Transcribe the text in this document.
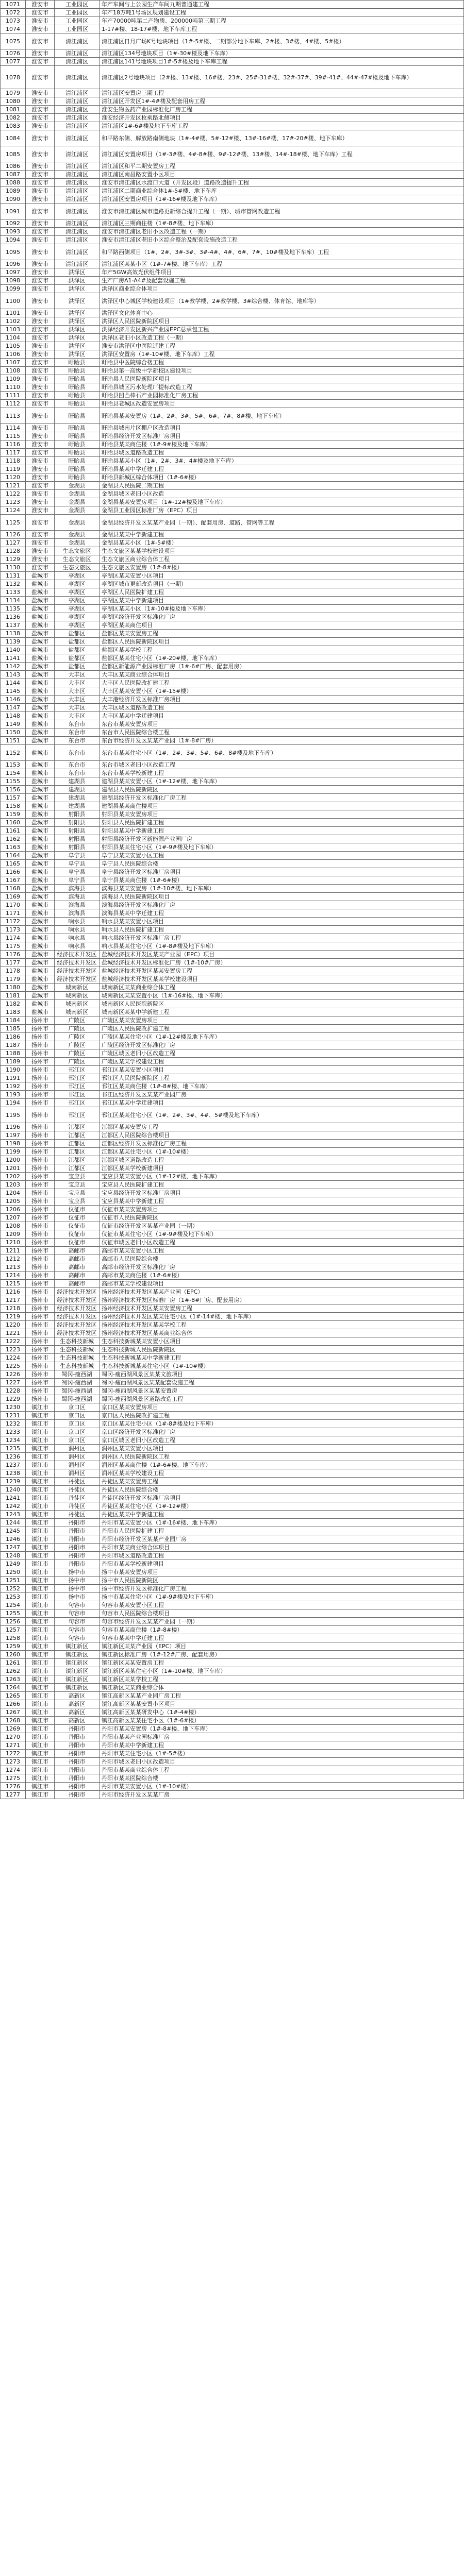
1071	淮安市	工业园区	年产车间与上公园生产车间九期普通建工程
1072	淮安市	工业园区	年产18万吨1号场区规划建设工程
1073	淮安市	工业园区	年产70000吨第二产物质、200000吨第三期工程
1074	淮安市	工业园区	1-17#楼、18-17#楼、地下车库工程
1075	淮安市	清江浦区	清江浦区日月广场K号地块项目（1#-5#楼、二期部分地下车库、2#楼、3#楼、4#楼、5#楼）
1076	淮安市	清江浦区	清江浦区134号地块项目（1#-30#楼及地下车库）
1077	淮安市	清江浦区	清江浦区141号地块项目1#-5#楼及地下车库工程
1078	淮安市	清江浦区	清江浦区2号地块项目（2#楼、13#楼、16#楼、23#、25#-31#楼、32#-37#、39#-41#、44#-47#楼及地下车库）
1079	淮安市	清江浦区	清江浦区安置房三期工程
1080	淮安市	清江浦区	清江浦区开发区1#-4#楼及配套用房工程
1081	淮安市	清江浦区	淮安生物医药产业园标准化厂房工程
1082	淮安市	清江浦区	淮安经济开发区枚乘路北侧项目
1083	淮安市	清江浦区	清江浦区1#-6#楼及地下车库工程
1084	淮安市	清江浦区	和平路东侧、解放路南侧地块（1#-4#楼、5#-12#楼、13#-16#楼、17#-20#楼、地下车库）
1085	淮安市	清江浦区	清江浦区安置房项目（1#-3#楼、4#-8#楼、9#-12#楼、13#楼、14#-18#楼、地下车库）工程
1086	淮安市	清江浦区	清江浦区和平二期安置房工程
1087	淮安市	清江浦区	清江浦区南昌路安置小区项目
1088	淮安市	清江浦区	淮安市清江浦区水渡口大道（开发区段）道路改造提升工程
1089	淮安市	清江浦区	清江浦区二期商业综合体1#-5#楼、地下车库
1090	淮安市	清江浦区	清江浦区安置房项目（1#-16#楼及地下车库）
1091	淮安市	清江浦区	淮安市清江浦区城市道路更新综合提升工程（一期）、城市管网改造工程
1092	淮安市	清江浦区	清江浦区三期商住楼（1#-8#楼、地下车库）
1093	淮安市	清江浦区	淮安市清江浦区老旧小区改造工程（一期）
1094	淮安市	清江浦区	淮安市清江浦区老旧小区综合整治及配套设施改造工程
1095	淮安市	清江浦区	和平路西侧项目（1#、2#、3#-3#、3#-4#、4#、6#、7#、10#楼及地下车库）工程
1096	淮安市	清江浦区	清江浦区某某小区（1#-7#楼、地下车库）工程
1097	淮安市	洪泽区	年产5GW高效光伏组件项目
1098	淮安市	洪泽区	生产厂房A1-A4#及配套设施工程
1099	淮安市	洪泽区	洪泽区商业综合体项目
1100	淮安市	洪泽区	洪泽区中心城区学校建设项目（1#教学楼、2#教学楼、3#综合楼、体育馆、地库等）
1101	淮安市	洪泽区	洪泽区文化体育中心
1102	淮安市	洪泽区	洪泽区人民医院新院区项目
1103	淮安市	洪泽区	洪泽经济开发区新兴产业园EPC总承包工程
1104	淮安市	洪泽区	洪泽区老旧小区改造工程（一期）
1105	淮安市	洪泽区	淮安市洪泽区中医院迁建工程
1106	淮安市	洪泽区	洪泽区安置房（1#-10#楼、地下车库）工程
1107	淮安市	盱眙县	盱眙县中医院综合楼工程
1108	淮安市	盱眙县	盱眙县第一高级中学新校区建设项目
1109	淮安市	盱眙县	盱眙县人民医院新院区项目
1110	淮安市	盱眙县	盱眙县城区污水处理厂提标改造工程
1111	淮安市	盱眙县	盱眙县凹凸棒石产业园标准化厂房工程
1112	淮安市	盱眙县	盱眙县老城区改造安置房项目
1113	淮安市	盱眙县	盱眙县某某安置房（1#、2#、3#、5#、6#、7#、8#楼、地下车库）
1114	淮安市	盱眙县	盱眙县城南片区棚户区改造项目
1115	淮安市	盱眙县	盱眙县经济开发区标准厂房项目
1116	淮安市	盱眙县	盱眙县某某商住楼（1#-9#楼及地下车库）
1117	淮安市	盱眙县	盱眙县城区道路改造工程
1118	淮安市	盱眙县	盱眙县某某小区（1#、2#、3#、4#楼及地下车库）
1119	淮安市	盱眙县	盱眙县某某中学迁建工程
1120	淮安市	盱眙县	盱眙县新城区综合体项目（1#-6#楼）
1121	淮安市	金湖县	金湖县人民医院二期工程
1122	淮安市	金湖县	金湖县城区老旧小区改造
1123	淮安市	金湖县	金湖县某某安置房项目（1#-12#楼及地下车库）
1124	淮安市	金湖县	金湖县工业园区标准厂房（EPC）项目
1125	淮安市	金湖县	金湖县经济开发区某某产业园（一期）、配套用房、道路、管网等工程
1126	淮安市	金湖县	金湖县某某中学新建工程
1127	淮安市	金湖县	金湖县某某小区（1#-5#楼）
1128	淮安市	生态文旅区	生态文旅区某某学校建设项目
1129	淮安市	生态文旅区	生态文旅区商业综合体工程
1130	淮安市	生态文旅区	生态文旅区安置房（1#-8#楼）
1131	盐城市	亭湖区	亭湖区某某安置小区项目
1132	盐城市	亭湖区	亭湖区城市更新改造项目（一期）
1133	盐城市	亭湖区	亭湖区人民医院扩建工程
1134	盐城市	亭湖区	亭湖区某某中学新建项目
1135	盐城市	亭湖区	亭湖区某某小区（1#-10#楼及地下车库）
1136	盐城市	亭湖区	亭湖区经济开发区标准化厂房
1137	盐城市	亭湖区	亭湖区某某商住项目
1138	盐城市	盐都区	盐都区某某安置房工程
1139	盐城市	盐都区	盐都区人民医院新院区项目
1140	盐城市	盐都区	盐都区某某学校工程
1141	盐城市	盐都区	盐都区某某住宅小区（1#-20#楼、地下车库）
1142	盐城市	盐都区	盐都区新能源产业园标准厂房（1#-6#厂房、配套用房）
1143	盐城市	大丰区	大丰区某某商业综合体项目
1144	盐城市	大丰区	大丰区人民医院改扩建工程
1145	盐城市	大丰区	大丰区某某安置小区（1#-15#楼）
1146	盐城市	大丰区	大丰港经济开发区标准厂房项目
1147	盐城市	大丰区	大丰区城区道路改造工程
1148	盐城市	大丰区	大丰区某某中学迁建项目
1149	盐城市	东台市	东台市某某安置房项目
1150	盐城市	东台市	东台市人民医院综合楼工程
1151	盐城市	东台市	东台市经济开发区某某产业园（1#-8#厂房）
1152	盐城市	东台市	东台市某某住宅小区（1#、2#、3#、5#、6#、8#楼及地下车库）
1153	盐城市	东台市	东台市城区老旧小区改造工程
1154	盐城市	东台市	东台市某某学校新建工程
1155	盐城市	建湖县	建湖县某某安置小区（1#-12#楼、地下车库）
1156	盐城市	建湖县	建湖县人民医院新院区
1157	盐城市	建湖县	建湖县经济开发区标准化厂房工程
1158	盐城市	建湖县	建湖县某某商住楼项目
1159	盐城市	射阳县	射阳县某某安置房项目
1160	盐城市	射阳县	射阳县人民医院扩建工程
1161	盐城市	射阳县	射阳县某某中学新建工程
1162	盐城市	射阳县	射阳县经济开发区新能源产业园厂房
1163	盐城市	射阳县	射阳县某某住宅小区（1#-9#楼及地下车库）
1164	盐城市	阜宁县	阜宁县某某安置小区工程
1165	盐城市	阜宁县	阜宁县人民医院综合楼
1166	盐城市	阜宁县	阜宁县经济开发区标准厂房项目
1167	盐城市	阜宁县	阜宁县某某商住楼（1#-6#楼）
1168	盐城市	滨海县	滨海县某某安置房（1#-10#楼、地下车库）
1169	盐城市	滨海县	滨海县人民医院新院区项目
1170	盐城市	滨海县	滨海县经济开发区标准化厂房
1171	盐城市	滨海县	滨海县某某中学迁建工程
1172	盐城市	响水县	响水县某某安置小区项目
1173	盐城市	响水县	响水县人民医院扩建工程
1174	盐城市	响水县	响水县经济开发区标准厂房工程
1175	盐城市	响水县	响水县某某住宅小区（1#-8#楼及地下车库）
1176	盐城市	经济技术开发区	盐城经济技术开发区某某产业园（EPC）项目
1177	盐城市	经济技术开发区	盐城经济技术开发区标准化厂房（1#-10#厂房）
1178	盐城市	经济技术开发区	盐城经济技术开发区某某安置房工程
1179	盐城市	经济技术开发区	盐城经济技术开发区某某学校建设项目
1180	盐城市	城南新区	城南新区某某商业综合体工程
1181	盐城市	城南新区	城南新区某某安置小区（1#-16#楼、地下车库）
1182	盐城市	城南新区	城南新区人民医院新院区
1183	盐城市	城南新区	城南新区某某中学新建工程
1184	扬州市	广陵区	广陵区某某安置房项目
1185	扬州市	广陵区	广陵区人民医院改扩建工程
1186	扬州市	广陵区	广陵区某某住宅小区（1#-12#楼及地下车库）
1187	扬州市	广陵区	广陵区经济开发区标准化厂房
1188	扬州市	广陵区	广陵区城区老旧小区改造工程
1189	扬州市	广陵区	广陵区某某学校建设工程
1190	扬州市	邗江区	邗江区某某安置小区项目
1191	扬州市	邗江区	邗江区人民医院新院区工程
1192	扬州市	邗江区	邗江区某某商住楼（1#-8#楼、地下车库）
1193	扬州市	邗江区	邗江区经济开发区某某产业园厂房
1194	扬州市	邗江区	邗江区某某中学迁建项目
1195	扬州市	邗江区	邗江区某某住宅小区（1#、2#、3#、4#、5#楼及地下车库）
1196	扬州市	江都区	江都区某某安置房工程
1197	扬州市	江都区	江都区人民医院综合楼项目
1198	扬州市	江都区	江都区经济开发区标准化厂房工程
1199	扬州市	江都区	江都区某某住宅小区（1#-10#楼）
1200	扬州市	江都区	江都区城区道路改造工程
1201	扬州市	江都区	江都区某某学校新建项目
1202	扬州市	宝应县	宝应县某某安置小区（1#-12#楼、地下车库）
1203	扬州市	宝应县	宝应县人民医院扩建工程
1204	扬州市	宝应县	宝应县经济开发区标准厂房项目
1205	扬州市	宝应县	宝应县某某中学新建工程
1206	扬州市	仪征市	仪征市某某安置房项目
1207	扬州市	仪征市	仪征市人民医院新院区
1208	扬州市	仪征市	仪征市经济开发区某某产业园（一期）
1209	扬州市	仪征市	仪征市某某住宅小区（1#-9#楼及地下车库）
1210	扬州市	仪征市	仪征市城区老旧小区改造工程
1211	扬州市	高邮市	高邮市某某安置小区工程
1212	扬州市	高邮市	高邮市人民医院综合楼
1213	扬州市	高邮市	高邮市经济开发区标准化厂房
1214	扬州市	高邮市	高邮市某某商住楼（1#-6#楼）
1215	扬州市	高邮市	高邮市某某学校建设项目
1216	扬州市	经济技术开发区	扬州经济技术开发区某某产业园（EPC）
1217	扬州市	经济技术开发区	扬州经济技术开发区标准厂房（1#-8#厂房、配套用房）
1218	扬州市	经济技术开发区	扬州经济技术开发区某某安置房工程
1219	扬州市	经济技术开发区	扬州经济技术开发区某某住宅小区（1#-14#楼、地下车库）
1220	扬州市	经济技术开发区	扬州经济技术开发区某某学校工程
1221	扬州市	经济技术开发区	扬州经济技术开发区某某商业综合体
1222	扬州市	生态科技新城	生态科技新城某某安置小区项目
1223	扬州市	生态科技新城	生态科技新城人民医院新院区
1224	扬州市	生态科技新城	生态科技新城某某中学新建工程
1225	扬州市	生态科技新城	生态科技新城某某住宅小区（1#-10#楼）
1226	扬州市	蜀冈-瘦西湖	蜀冈-瘦西湖风景区某某文旅项目
1227	扬州市	蜀冈-瘦西湖	蜀冈-瘦西湖风景区某某配套设施工程
1228	扬州市	蜀冈-瘦西湖	蜀冈-瘦西湖风景区某某安置房
1229	扬州市	蜀冈-瘦西湖	蜀冈-瘦西湖风景区道路改造工程
1230	镇江市	京口区	京口区某某安置房项目
1231	镇江市	京口区	京口区人民医院改扩建工程
1232	镇江市	京口区	京口区某某住宅小区（1#-8#楼及地下车库）
1233	镇江市	京口区	京口区经济开发区标准化厂房
1234	镇江市	京口区	京口区城区老旧小区改造工程
1235	镇江市	润州区	润州区某某安置小区项目
1236	镇江市	润州区	润州区人民医院新院区工程
1237	镇江市	润州区	润州区某某商住楼（1#-6#楼、地下车库）
1238	镇江市	润州区	润州区某某学校建设工程
1239	镇江市	丹徒区	丹徒区某某安置房工程
1240	镇江市	丹徒区	丹徒区人民医院综合楼
1241	镇江市	丹徒区	丹徒区经济开发区标准厂房项目
1242	镇江市	丹徒区	丹徒区某某住宅小区（1#-12#楼）
1243	镇江市	丹徒区	丹徒区某某中学新建工程
1244	镇江市	丹阳市	丹阳市某某安置小区（1#-16#楼、地下车库）
1245	镇江市	丹阳市	丹阳市人民医院扩建工程
1246	镇江市	丹阳市	丹阳市经济开发区某某产业园厂房
1247	镇江市	丹阳市	丹阳市某某商业综合体项目
1248	镇江市	丹阳市	丹阳市城区道路改造工程
1249	镇江市	丹阳市	丹阳市某某学校新建项目
1250	镇江市	扬中市	扬中市某某安置房项目
1251	镇江市	扬中市	扬中市人民医院新院区
1252	镇江市	扬中市	扬中市经济开发区标准化厂房工程
1253	镇江市	扬中市	扬中市某某住宅小区（1#-9#楼及地下车库）
1254	镇江市	句容市	句容市某某安置小区工程
1255	镇江市	句容市	句容市人民医院综合楼项目
1256	镇江市	句容市	句容市经济开发区某某产业园（一期）
1257	镇江市	句容市	句容市某某商住楼（1#-8#楼）
1258	镇江市	句容市	句容市某某中学迁建工程
1259	镇江市	镇江新区	镇江新区某某产业园（EPC）项目
1260	镇江市	镇江新区	镇江新区标准厂房（1#-12#厂房、配套用房）
1261	镇江市	镇江新区	镇江新区某某安置房工程
1262	镇江市	镇江新区	镇江新区某某住宅小区（1#-10#楼、地下车库）
1263	镇江市	镇江新区	镇江新区某某学校工程
1264	镇江市	镇江新区	镇江新区某某商业综合体
1265	镇江市	高新区	镇江高新区某某产业园厂房工程
1266	镇江市	高新区	镇江高新区某某安置小区项目
1267	镇江市	高新区	镇江高新区某某研发中心（1#-4#楼）
1268	镇江市	高新区	镇江高新区某某住宅小区（1#-6#楼）
1269	镇江市	丹阳市	丹阳市某某安置房（1#-8#楼、地下车库）
1270	镇江市	丹阳市	丹阳市某某产业园标准厂房
1271	镇江市	丹阳市	丹阳市某某中学新建工程
1272	镇江市	丹阳市	丹阳市某某住宅小区（1#-5#楼）
1273	镇江市	丹阳市	丹阳市城区老旧小区改造项目
1274	镇江市	丹阳市	丹阳市某某商业综合体工程
1275	镇江市	丹阳市	丹阳市某某医院综合楼
1276	镇江市	丹阳市	丹阳市某某安置小区（1#-10#楼）
1277	镇江市	丹阳市	丹阳市经济开发区某某厂房
